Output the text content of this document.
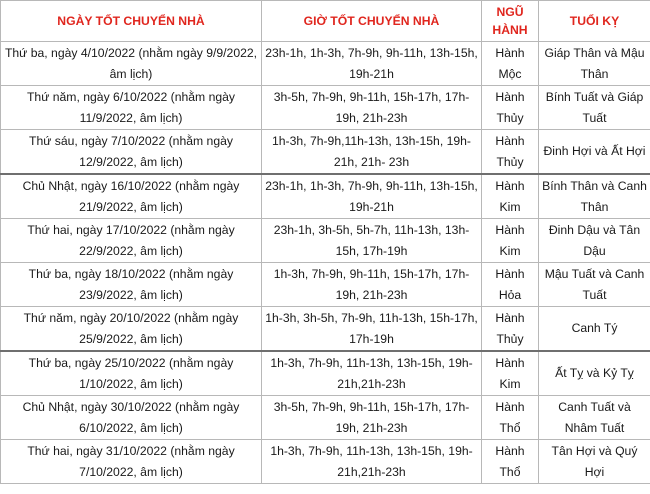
NGÀY TỐT CHUYỂN NHÀ	GIỜ TỐT CHUYỂN NHÀ	NGŨ HÀNH	TUỔI KỴ
Thứ ba, ngày 4/10/2022 (nhằm ngày 9/9/2022, âm lịch)	23h-1h, 1h-3h, 7h-9h, 9h-11h, 13h-15h, 19h-21h	Hành Mộc	Giáp Thân và Mậu Thân
Thứ năm, ngày 6/10/2022 (nhằm ngày 11/9/2022, âm lịch)	3h-5h, 7h-9h, 9h-11h, 15h-17h, 17h-19h, 21h-23h	Hành Thủy	Bính Tuất và Giáp Tuất
Thứ sáu, ngày 7/10/2022 (nhằm ngày 12/9/2022, âm lịch)	1h-3h, 7h-9h,11h-13h, 13h-15h, 19h-21h, 21h- 23h	Hành Thủy	Đinh Hợi và Ất Hợi
Chủ Nhật, ngày 16/10/2022 (nhằm ngày 21/9/2022, âm lịch)	23h-1h, 1h-3h, 7h-9h, 9h-11h, 13h-15h, 19h-21h	Hành Kim	Bính Thân và Canh Thân
Thứ hai, ngày 17/10/2022 (nhằm ngày 22/9/2022, âm lịch)	23h-1h, 3h-5h, 5h-7h, 11h-13h, 13h-15h, 17h-19h	Hành Kim	Đinh Dậu và Tân Dậu
Thứ ba, ngày 18/10/2022 (nhằm ngày 23/9/2022, âm lịch)	1h-3h, 7h-9h, 9h-11h, 15h-17h, 17h-19h, 21h-23h	Hành Hỏa	Mậu Tuất và Canh Tuất
Thứ năm, ngày 20/10/2022 (nhằm ngày 25/9/2022, âm lịch)	1h-3h, 3h-5h, 7h-9h, 11h-13h, 15h-17h, 17h-19h	Hành Thủy	Canh Tý
Thứ ba, ngày 25/10/2022 (nhằm ngày 1/10/2022, âm lịch)	1h-3h, 7h-9h, 11h-13h, 13h-15h, 19h-21h,21h-23h	Hành Kim	Ất Tỵ và Kỷ Tỵ
Chủ Nhật, ngày 30/10/2022 (nhằm ngày 6/10/2022, âm lịch)	3h-5h, 7h-9h, 9h-11h, 15h-17h, 17h-19h, 21h-23h	Hành Thổ	Canh Tuất và Nhâm Tuất
Thứ hai, ngày 31/10/2022 (nhằm ngày 7/10/2022, âm lịch)	1h-3h, 7h-9h, 11h-13h, 13h-15h, 19h-21h,21h-23h	Hành Thổ	Tân Hợi và Quý Hợi
